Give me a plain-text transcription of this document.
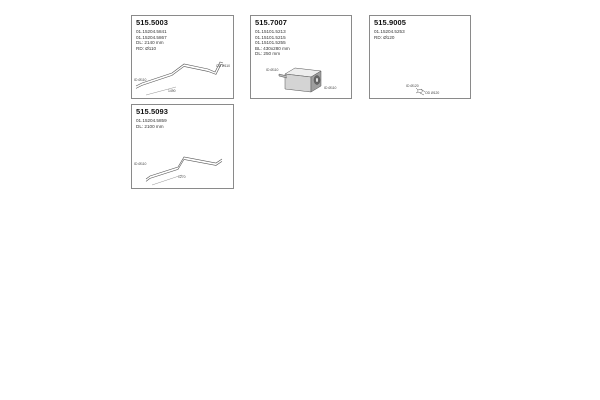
515.5003
01.15204.5841
01.15204.5867
DL: 2140 mm
RD: Ø110
ID Ø110
OD Ø110
1490
515.7007
01.15101.5213
01.15101.5215
01.15101.5255
BL: 430x280 mm
DL: 250 mm
ID Ø110
ID Ø110
515.9005
01.15204.5253
RD: Ø120
ID Ø120
OD Ø120
515.5093
01.15204.5859
DL: 2100 mm
ID Ø110
1270
